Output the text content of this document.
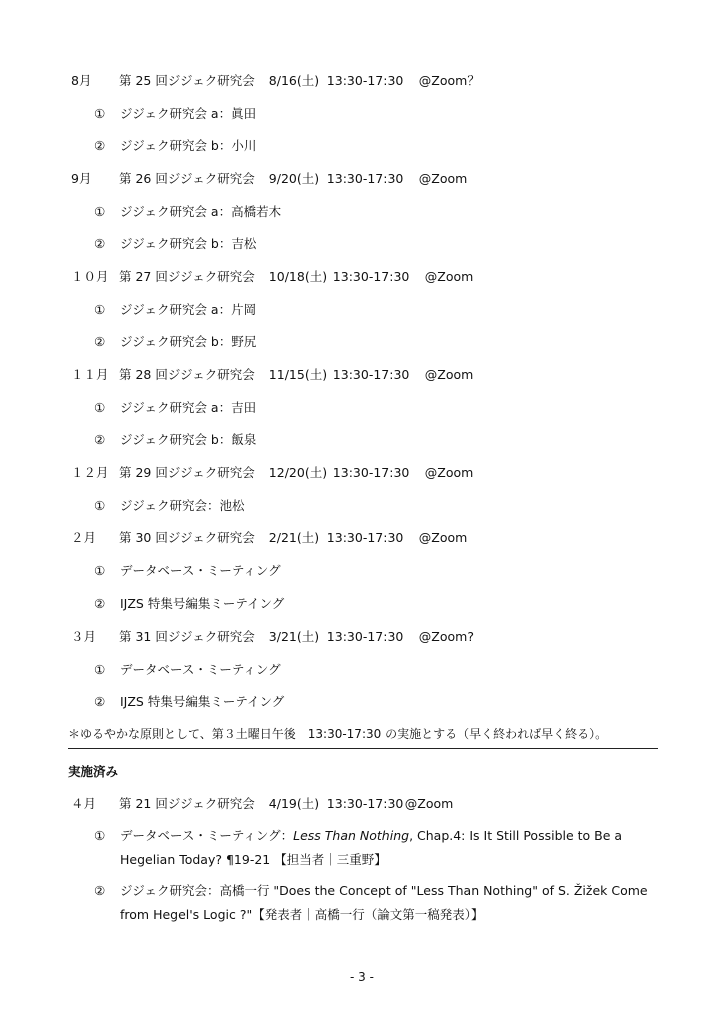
8月 第 25 回ジジェク研究会 8/16(土) 13:30-17:30 @Zoom？
① ジジェク研究会 a：眞田
② ジジェク研究会 b：小川
9月 第 26 回ジジェク研究会 9/20(土) 13:30-17:30 @Zoom
① ジジェク研究会 a：高橋若木
② ジジェク研究会 b：吉松
１０月 第 27 回ジジェク研究会 10/18(土) 13:30-17:30 @Zoom
① ジジェク研究会 a：片岡
② ジジェク研究会 b：野尻
１１月 第 28 回ジジェク研究会 11/15(土) 13:30-17:30 @Zoom
① ジジェク研究会 a：吉田
② ジジェク研究会 b：飯泉
１２月 第 29 回ジジェク研究会 12/20(土) 13:30-17:30 @Zoom
① ジジェク研究会：池松
２月 第 30 回ジジェク研究会 2/21(土) 13:30-17:30 @Zoom
① データベース・ミーティング
② IJZS 特集号編集ミーテイング
３月 第 31 回ジジェク研究会 3/21(土) 13:30-17:30 @Zoom?
① データベース・ミーティング
② IJZS 特集号編集ミーテイング
＊ゆるやかな原則として、第３土曜日午後　13:30-17:30 の実施とする（早く終われば早く終る）。
実施済み
４月 第 21 回ジジェク研究会 4/19(土) 13:30-17:30@Zoom
① データベース・ミーティング：Less Than Nothing, Chap.4: Is It Still Possible to Be a Hegelian Today? ¶19-21 【担当者｜三重野】
② ジジェク研究会：高橋一行 "Does the Concept of "Less Than Nothing" of S. Žižek Come from Hegel's Logic ?"【発表者｜高橋一行（論文第一稿発表）】
- 3 -
